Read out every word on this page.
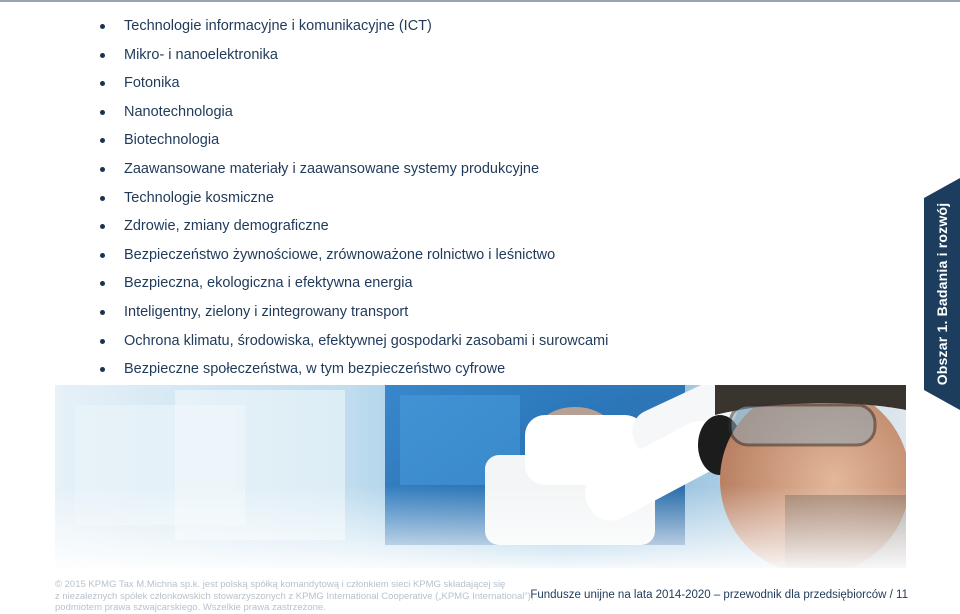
Technologie informacyjne i komunikacyjne (ICT)
Mikro- i nanoelektronika
Fotonika
Nanotechnologia
Biotechnologia
Zaawansowane materiały i zaawansowane systemy produkcyjne
Technologie kosmiczne
Zdrowie, zmiany demograficzne
Bezpieczeństwo żywnościowe, zrównoważone rolnictwo i leśnictwo
Bezpieczna, ekologiczna i efektywna energia
Inteligentny, zielony i zintegrowany transport
Ochrona klimatu, środowiska, efektywnej gospodarki zasobami i surowcami
Bezpieczne społeczeństwa, w tym bezpieczeństwo cyfrowe	Obszar 1. Badania i rozwój
© 2015 KPMG Tax M.Michna sp.k. jest polską spółką komandytową i członkiem sieci KPMG składającej się
z niezależnych spółek członkowskich stowarzyszonych z KPMG International Cooperative („KPMG International”),
podmiotem prawa szwajcarskiego. Wszelkie prawa zastrzeżone.
Fundusze unijne na lata 2014-2020 – przewodnik dla przedsiębiorców / 11
